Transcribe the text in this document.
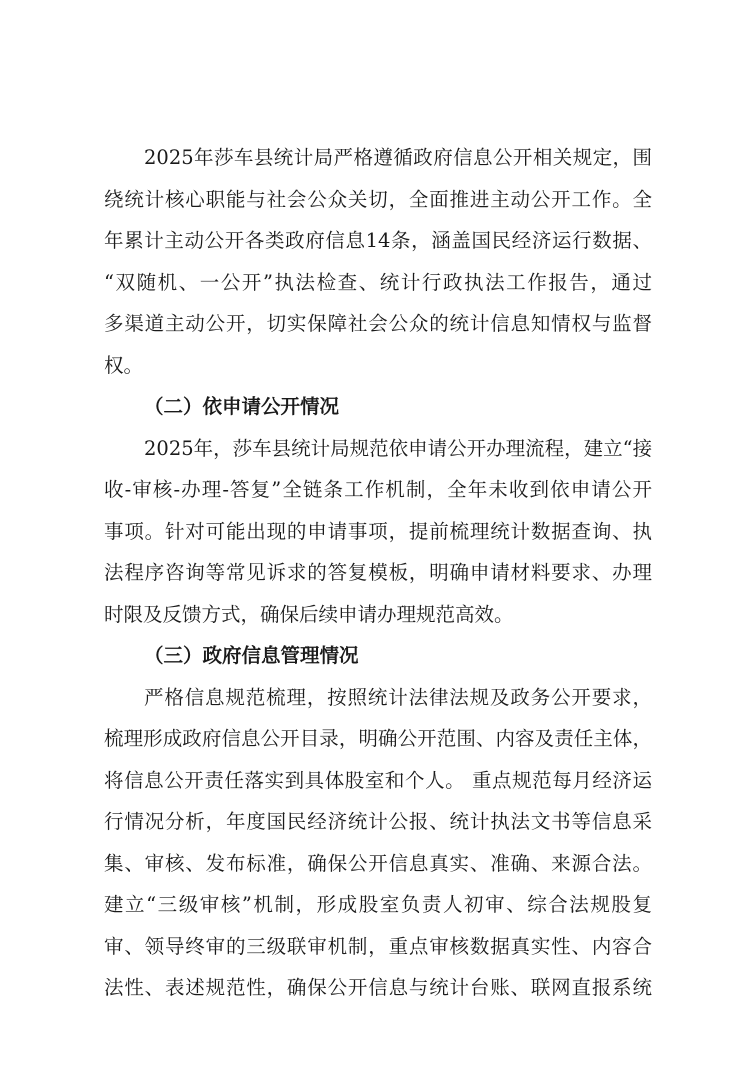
2025年莎车县统计局严格遵循政府信息公开相关规定，围
绕统计核心职能与社会公众关切，全面推进主动公开工作。全
年累计主动公开各类政府信息14条，涵盖国民经济运行数据、
“双随机、一公开”执法检查、统计行政执法工作报告，通过
多渠道主动公开，切实保障社会公众的统计信息知情权与监督
权。
（二）依申请公开情况
2025年，莎车县统计局规范依申请公开办理流程，建立“接
收-审核-办理-答复”全链条工作机制，全年未收到依申请公开
事项。针对可能出现的申请事项，提前梳理统计数据查询、执
法程序咨询等常见诉求的答复模板，明确申请材料要求、办理
时限及反馈方式，确保后续申请办理规范高效。
（三）政府信息管理情况
严格信息规范梳理，按照统计法律法规及政务公开要求，
梳理形成政府信息公开目录，明确公开范围、内容及责任主体，
将信息公开责任落实到具体股室和个人。 重点规范每月经济运
行情况分析，年度国民经济统计公报、统计执法文书等信息采
集、审核、发布标准，确保公开信息真实、准确、来源合法。
建立“三级审核”机制，形成股室负责人初审、综合法规股复
审、领导终审的三级联审机制，重点审核数据真实性、内容合
法性、表述规范性，确保公开信息与统计台账、联网直报系统
